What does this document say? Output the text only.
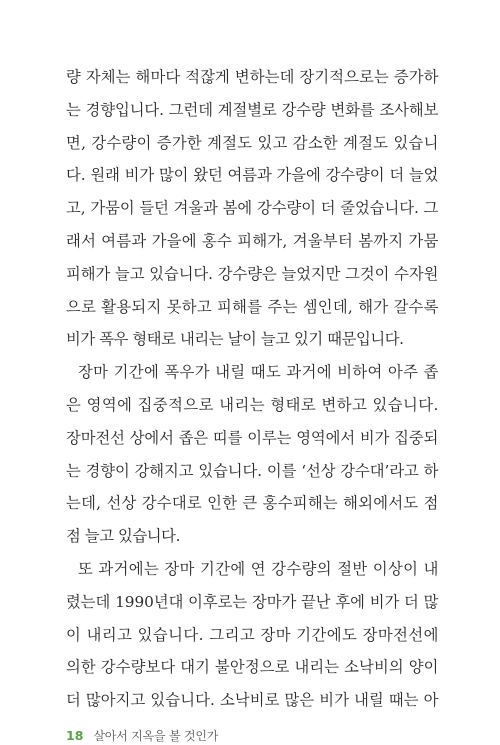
량 자체는 해마다 적잖게 변하는데 장기적으로는 증가하
는 경향입니다. 그런데 계절별로 강수량 변화를 조사해보
면, 강수량이 증가한 계절도 있고 감소한 계절도 있습니
다. 원래 비가 많이 왔던 여름과 가을에 강수량이 더 늘었
고, 가뭄이 들던 겨울과 봄에 강수량이 더 줄었습니다. 그
래서 여름과 가을에 홍수 피해가, 겨울부터 봄까지 가뭄
피해가 늘고 있습니다. 강수량은 늘었지만 그것이 수자원
으로 활용되지 못하고 피해를 주는 셈인데, 해가 갈수록
비가 폭우 형태로 내리는 날이 늘고 있기 때문입니다.
장마 기간에 폭우가 내릴 때도 과거에 비하여 아주 좁
은 영역에 집중적으로 내리는 형태로 변하고 있습니다.
장마전선 상에서 좁은 띠를 이루는 영역에서 비가 집중되
는 경향이 강해지고 있습니다. 이를 ‘선상 강수대’라고 하
는데, 선상 강수대로 인한 큰 홍수피해는 해외에서도 점
점 늘고 있습니다.
또 과거에는 장마 기간에 연 강수량의 절반 이상이 내
렸는데 1990년대 이후로는 장마가 끝난 후에 비가 더 많
이 내리고 있습니다. 그리고 장마 기간에도 장마전선에
의한 강수량보다 대기 불안정으로 내리는 소낙비의 양이
더 많아지고 있습니다. 소낙비로 많은 비가 내릴 때는 아
18 살아서 지옥을 볼 것인가
